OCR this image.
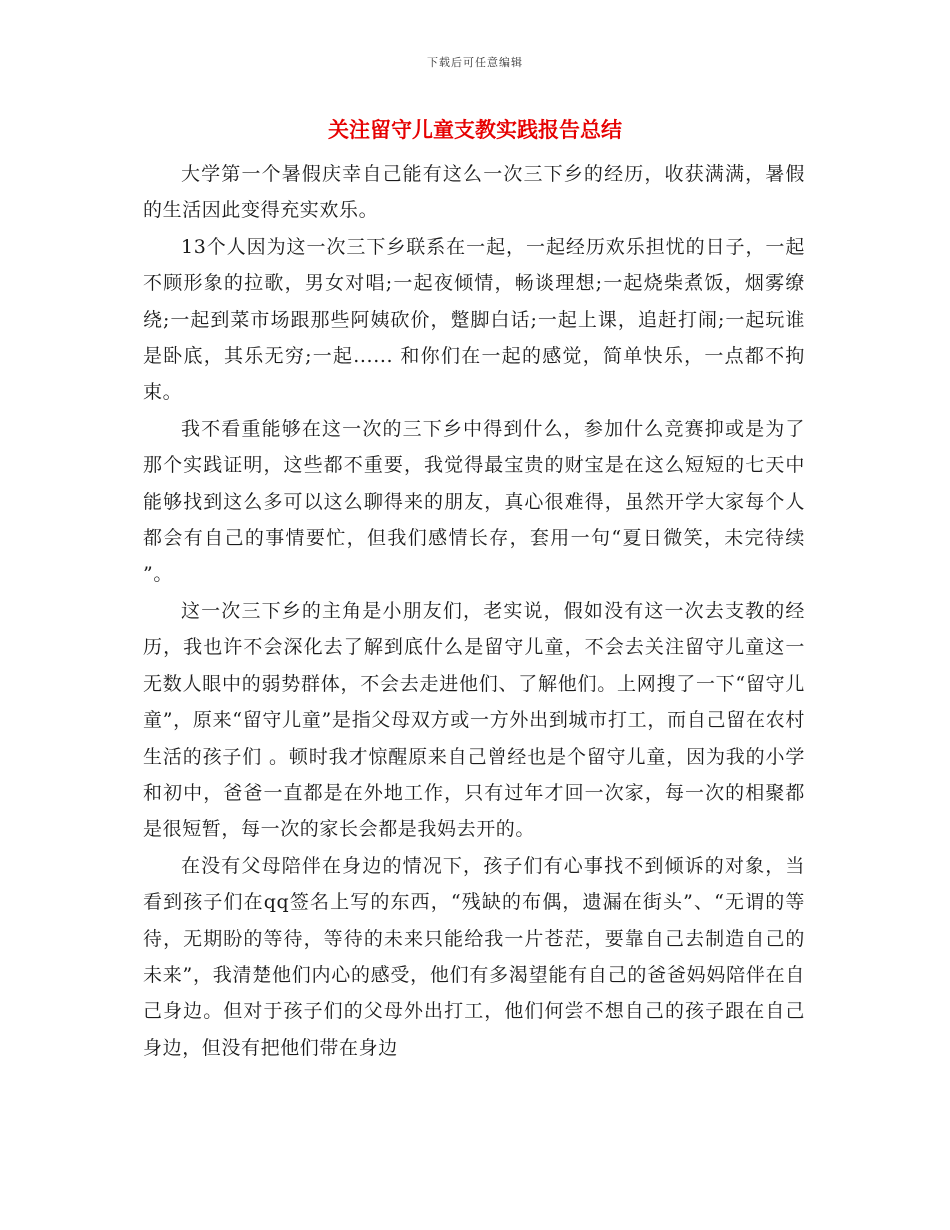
下载后可任意编辑
关注留守儿童支教实践报告总结

大学第一个暑假庆幸自己能有这么一次三下乡的经历，收获满满，暑假的生活因此变得充实欢乐。

13个人因为这一次三下乡联系在一起，一起经历欢乐担忧的日子，一起不顾形象的拉歌，男女对唱;一起夜倾情，畅谈理想;一起烧柴煮饭，烟雾缭绕;一起到菜市场跟那些阿姨砍价，蹩脚白话;一起上课，追赶打闹;一起玩谁是卧底，其乐无穷;一起...... 和你们在一起的感觉，简单快乐，一点都不拘束。

我不看重能够在这一次的三下乡中得到什么，参加什么竞赛抑或是为了那个实践证明，这些都不重要，我觉得最宝贵的财宝是在这么短短的七天中能够找到这么多可以这么聊得来的朋友，真心很难得，虽然开学大家每个人都会有自己的事情要忙，但我们感情长存，套用一句“夏日微笑，未完待续 ”。

这一次三下乡的主角是小朋友们，老实说，假如没有这一次去支教的经历，我也许不会深化去了解到底什么是留守儿童，不会去关注留守儿童这一无数人眼中的弱势群体，不会去走进他们、了解他们。上网搜了一下“留守儿童”，原来“留守儿童”是指父母双方或一方外出到城市打工，而自己留在农村生活的孩子们 。顿时我才惊醒原来自己曾经也是个留守儿童，因为我的小学和初中，爸爸一直都是在外地工作，只有过年才回一次家，每一次的相聚都是很短暂，每一次的家长会都是我妈去开的。

在没有父母陪伴在身边的情况下，孩子们有心事找不到倾诉的对象，当看到孩子们在qq签名上写的东西，“残缺的布偶，遗漏在街头”、“无谓的等待，无期盼的等待，等待的未来只能给我一片苍茫，要靠自己去制造自己的未来”，我清楚他们内心的感受，他们有多渴望能有自己的爸爸妈妈陪伴在自己身边。但对于孩子们的父母外出打工，他们何尝不想自己的孩子跟在自己身边，但没有把他们带在身边
